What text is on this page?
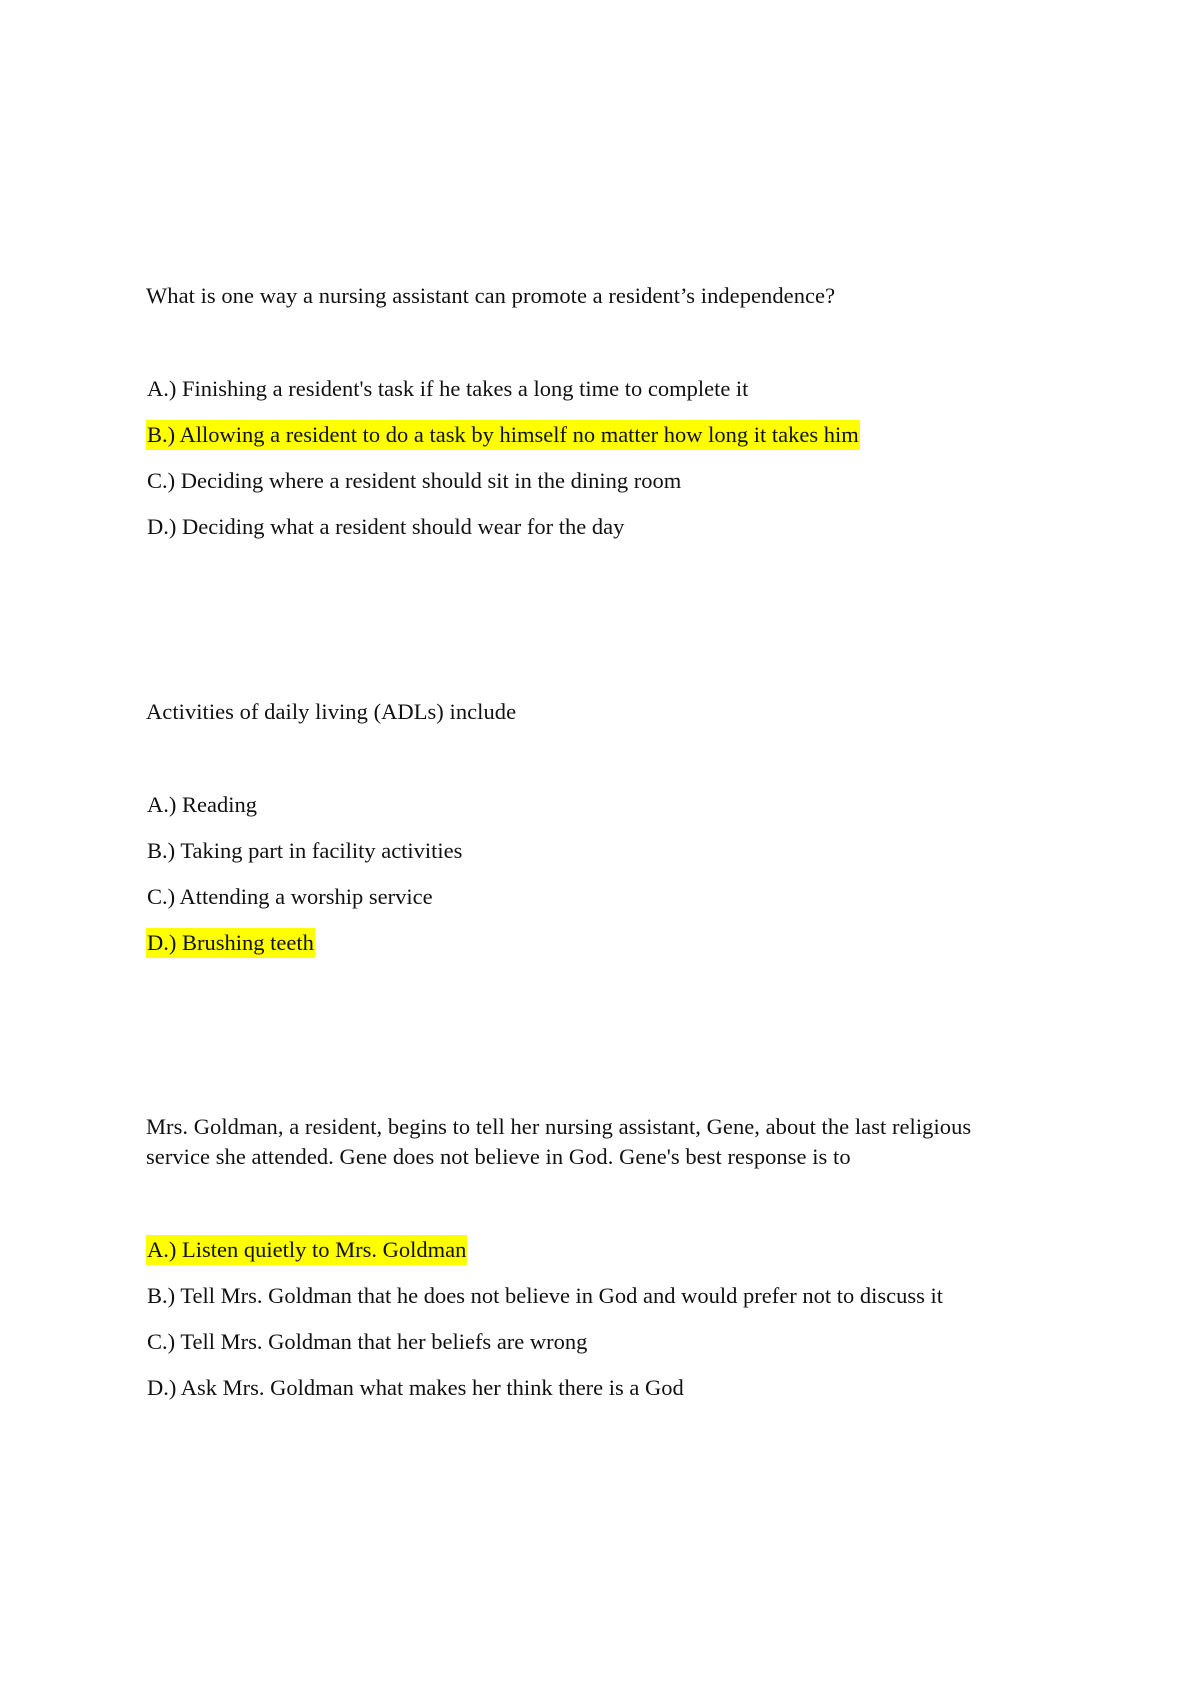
What is one way a nursing assistant can promote a resident’s independence?

A.) Finishing a resident's task if he takes a long time to complete it
B.) Allowing a resident to do a task by himself no matter how long it takes him
C.) Deciding where a resident should sit in the dining room
D.) Deciding what a resident should wear for the day

Activities of daily living (ADLs) include

A.) Reading
B.) Taking part in facility activities
C.) Attending a worship service
D.) Brushing teeth

Mrs. Goldman, a resident, begins to tell her nursing assistant, Gene, about the last religious

service she attended. Gene does not believe in God. Gene's best response is to

A.) Listen quietly to Mrs. Goldman
B.) Tell Mrs. Goldman that he does not believe in God and would prefer not to discuss it
C.) Tell Mrs. Goldman that her beliefs are wrong
D.) Ask Mrs. Goldman what makes her think there is a God
